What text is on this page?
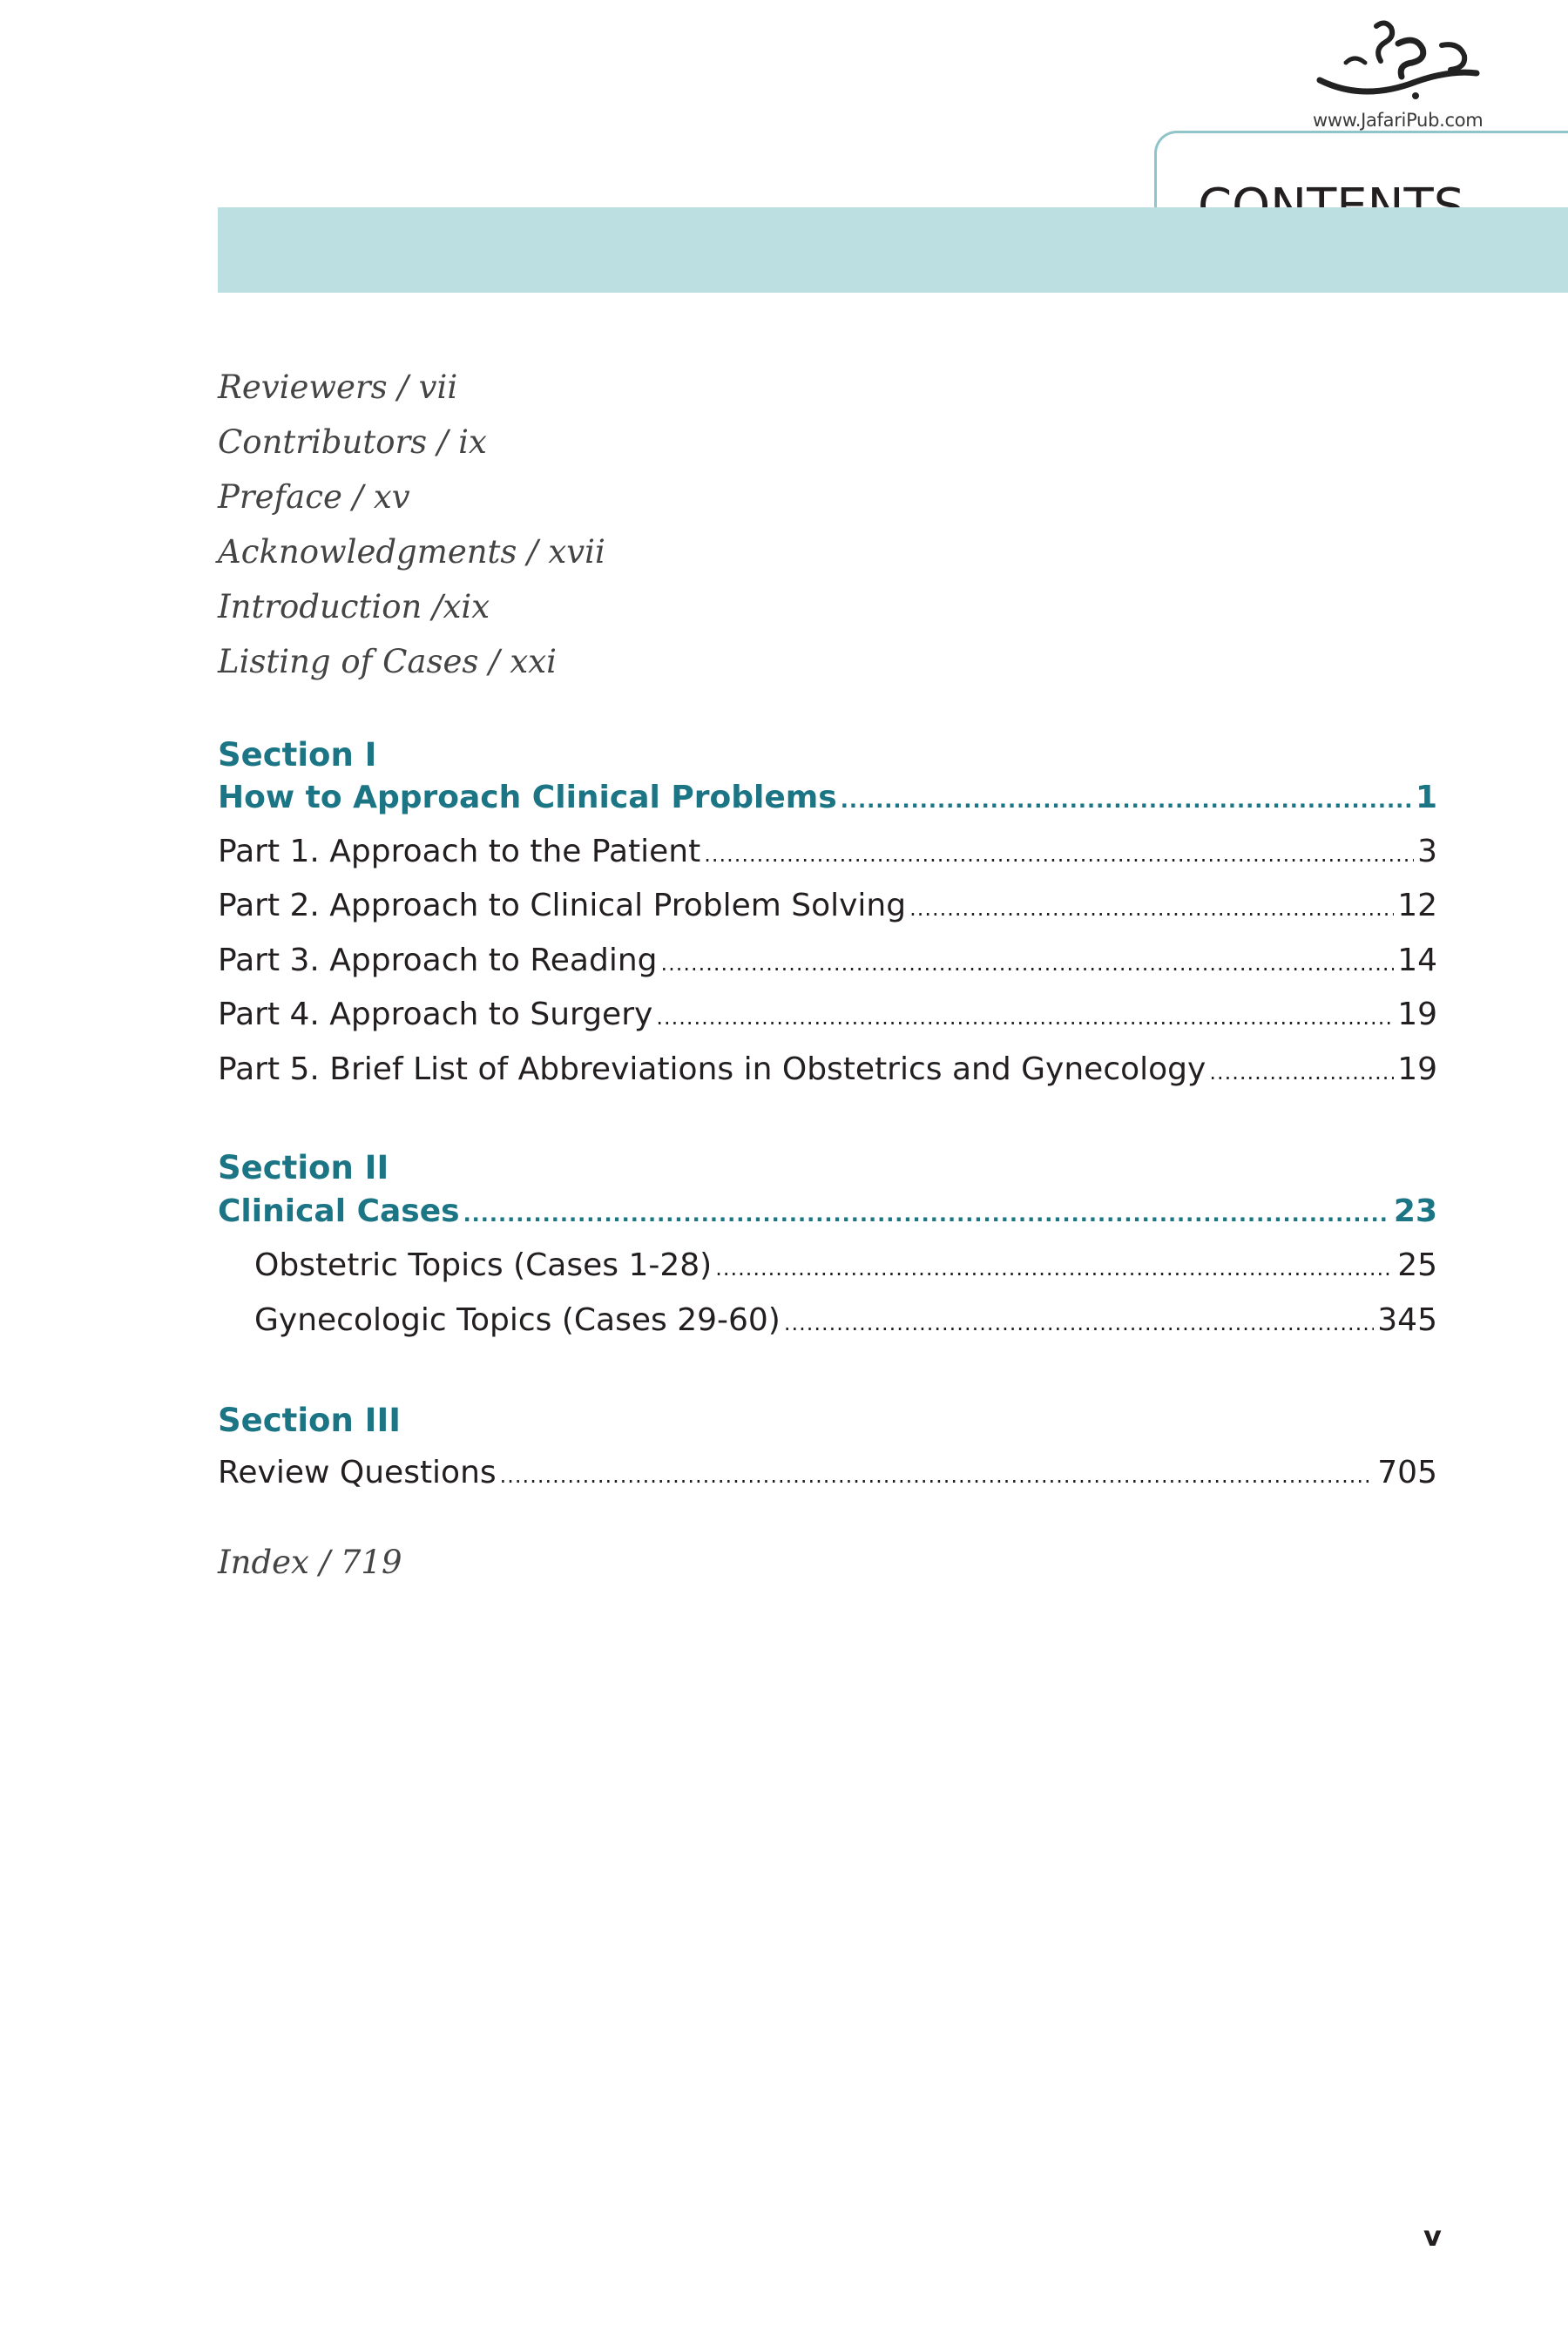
www.JafariPub.com
Reviewers / vii
Contributors / ix
Preface / xv
Acknowledgments / xvii
Introduction /xix
Listing of Cases / xxi
Section I
How to Approach Clinical Problems .....	1
Part 1. Approach to the Patient .....	3
Part 2. Approach to Clinical Problem Solving .....	12
Part 3. Approach to Reading .....	14
Part 4. Approach to Surgery .....	19
Part 5. Brief List of Abbreviations in Obstetrics and Gynecology .....	19
Section II
Clinical Cases .....	23
Obstetric Topics (Cases 1-28) .....	25
Gynecologic Topics (Cases 29-60) .....	345
Section III
Review Questions .....	705
Index / 719
v
